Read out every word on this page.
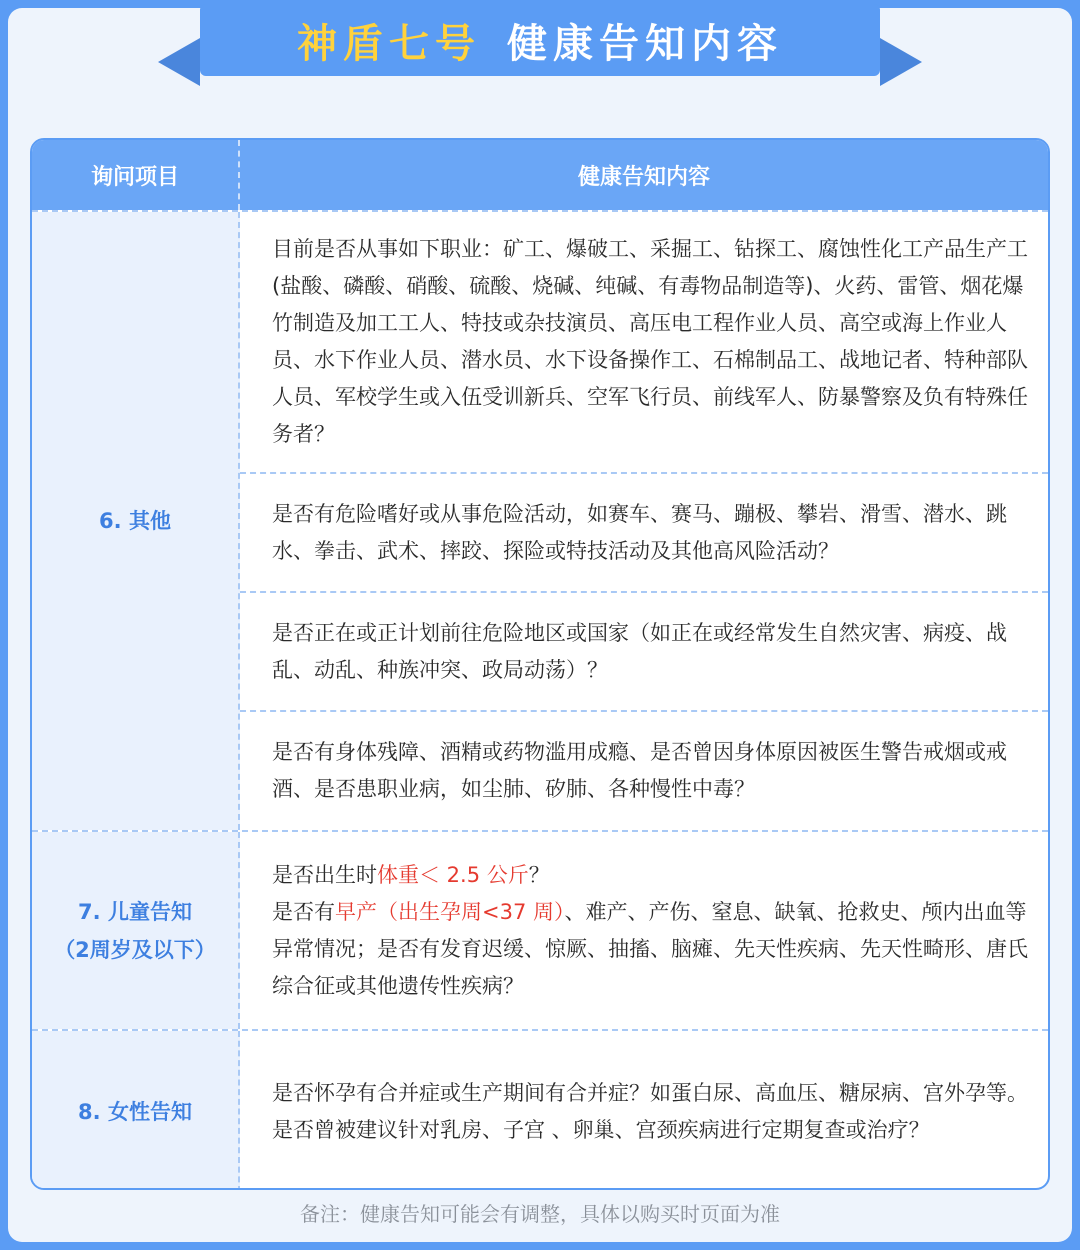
神盾七号 健康告知内容
询问项目	健康告知内容
6. 其他

目前是否从事如下职业：矿工、爆破工、采掘工、钻探工、腐蚀性化工产品生产工(盐酸、磷酸、硝酸、硫酸、烧碱、纯碱、有毒物品制造等)、火药、雷管、烟花爆竹制造及加工工人、特技或杂技演员、高压电工程作业人员、高空或海上作业人员、水下作业人员、潜水员、水下设备操作工、石棉制品工、战地记者、特种部队人员、军校学生或入伍受训新兵、空军飞行员、前线军人、防暴警察及负有特殊任务者？

是否有危险嗜好或从事危险活动，如赛车、赛马、蹦极、攀岩、滑雪、潜水、跳水、拳击、武术、摔跤、探险或特技活动及其他高风险活动？

是否正在或正计划前往危险地区或国家（如正在或经常发生自然灾害、病疫、战乱、动乱、种族冲突、政局动荡）？

是否有身体残障、酒精或药物滥用成瘾、是否曾因身体原因被医生警告戒烟或戒酒、是否患职业病，如尘肺、矽肺、各种慢性中毒？

7. 儿童告知
（2周岁及以下）

是否出生时体重＜ 2.5 公斤？
是否有早产（出生孕周<37 周）、难产、产伤、窒息、缺氧、抢救史、颅内出血等异常情况；是否有发育迟缓、惊厥、抽搐、脑瘫、先天性疾病、先天性畸形、唐氏综合征或其他遗传性疾病？

8. 女性告知

是否怀孕有合并症或生产期间有合并症？如蛋白尿、高血压、糖尿病、宫外孕等。
是否曾被建议针对乳房、子宫 、卵巢、宫颈疾病进行定期复查或治疗？

备注：健康告知可能会有调整，具体以购买时页面为准
